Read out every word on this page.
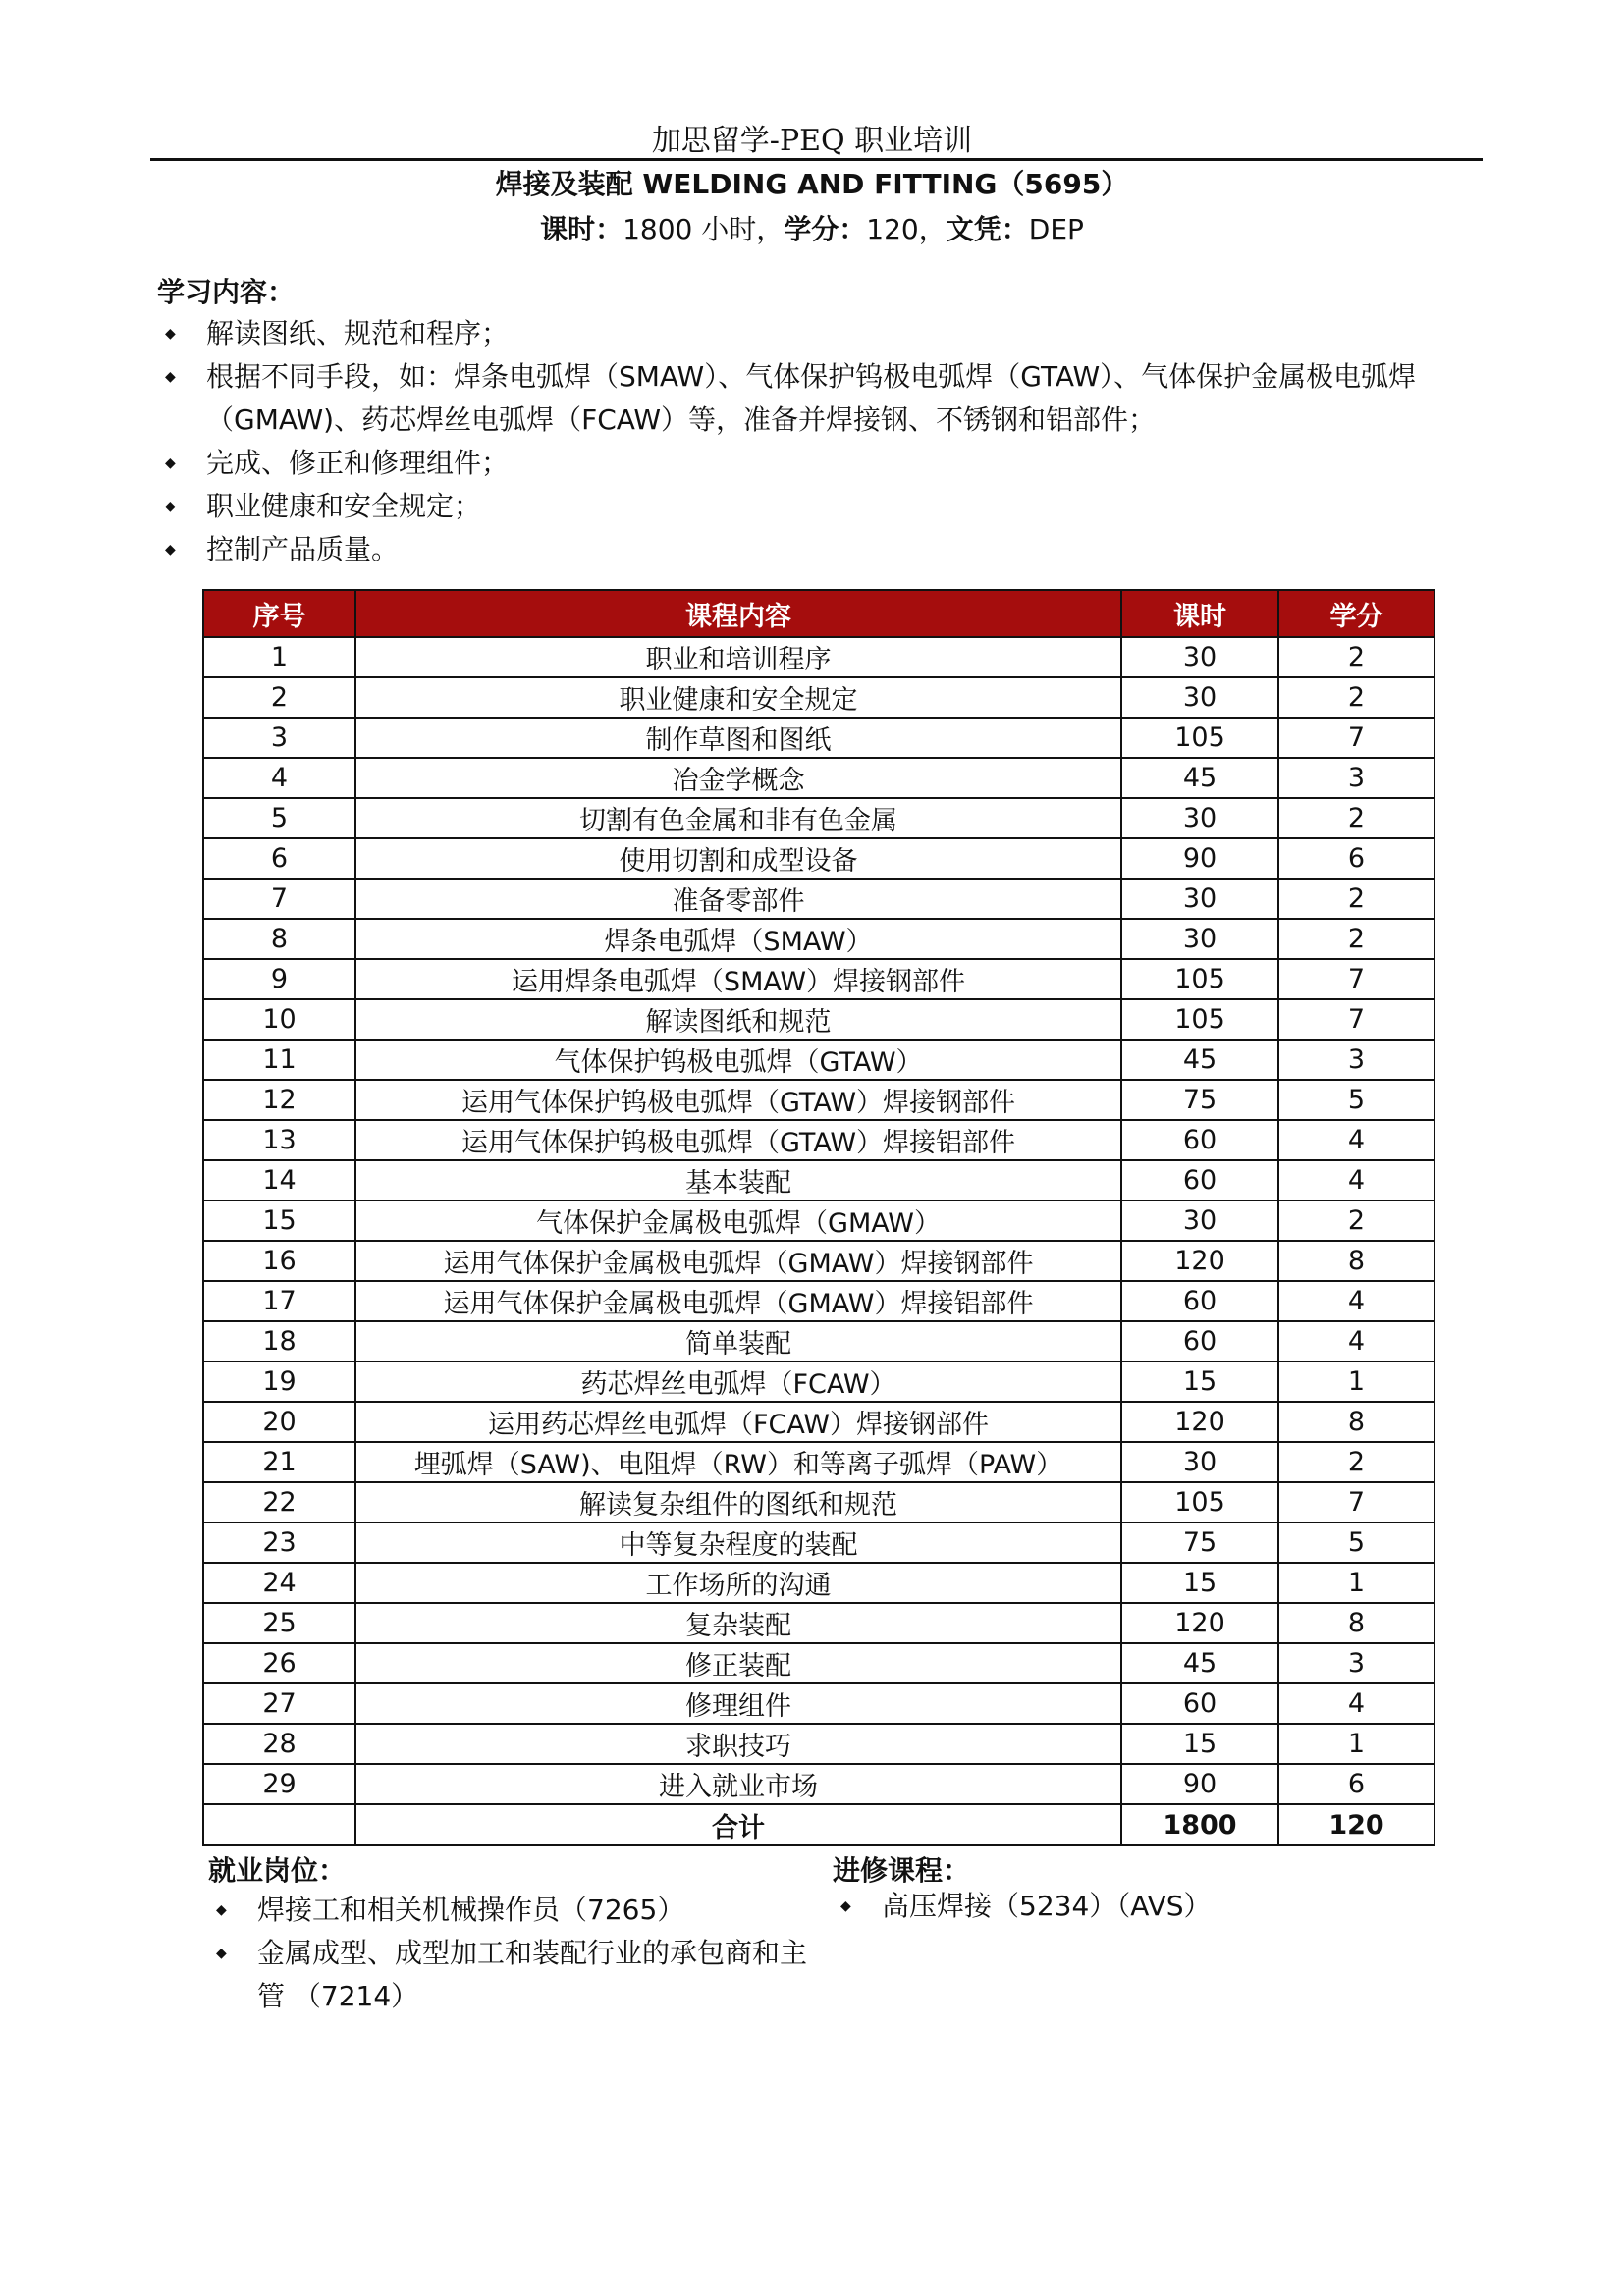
加思留学-PEQ 职业培训
焊接及装配 WELDING AND FITTING（5695）
课时：1800 小时，学分：120，文凭：DEP
学习内容：
◆ 解读图纸、规范和程序；
◆ 根据不同手段，如：焊条电弧焊（SMAW）、气体保护钨极电弧焊（GTAW）、气体保护金属极电弧焊（GMAW)、药芯焊丝电弧焊（FCAW）等，准备并焊接钢、不锈钢和铝部件；
◆ 完成、修正和修理组件；
◆ 职业健康和安全规定；
◆ 控制产品质量。
序号	课程内容	课时	学分
1	职业和培训程序	30	2
2	职业健康和安全规定	30	2
3	制作草图和图纸	105	7
4	冶金学概念	45	3
5	切割有色金属和非有色金属	30	2
6	使用切割和成型设备	90	6
7	准备零部件	30	2
8	焊条电弧焊（SMAW）	30	2
9	运用焊条电弧焊（SMAW）焊接钢部件	105	7
10	解读图纸和规范	105	7
11	气体保护钨极电弧焊（GTAW）	45	3
12	运用气体保护钨极电弧焊（GTAW）焊接钢部件	75	5
13	运用气体保护钨极电弧焊（GTAW）焊接铝部件	60	4
14	基本装配	60	4
15	气体保护金属极电弧焊（GMAW）	30	2
16	运用气体保护金属极电弧焊（GMAW）焊接钢部件	120	8
17	运用气体保护金属极电弧焊（GMAW）焊接铝部件	60	4
18	简单装配	60	4
19	药芯焊丝电弧焊（FCAW）	15	1
20	运用药芯焊丝电弧焊（FCAW）焊接钢部件	120	8
21	埋弧焊（SAW)、电阻焊（RW）和等离子弧焊（PAW）	30	2
22	解读复杂组件的图纸和规范	105	7
23	中等复杂程度的装配	75	5
24	工作场所的沟通	15	1
25	复杂装配	120	8
26	修正装配	45	3
27	修理组件	60	4
28	求职技巧	15	1
29	进入就业市场	90	6
	合计	1800	120
就业岗位：
◆ 焊接工和相关机械操作员（7265）
◆ 金属成型、成型加工和装配行业的承包商和主管 （7214）
进修课程：
◆ 高压焊接（5234）（AVS）
